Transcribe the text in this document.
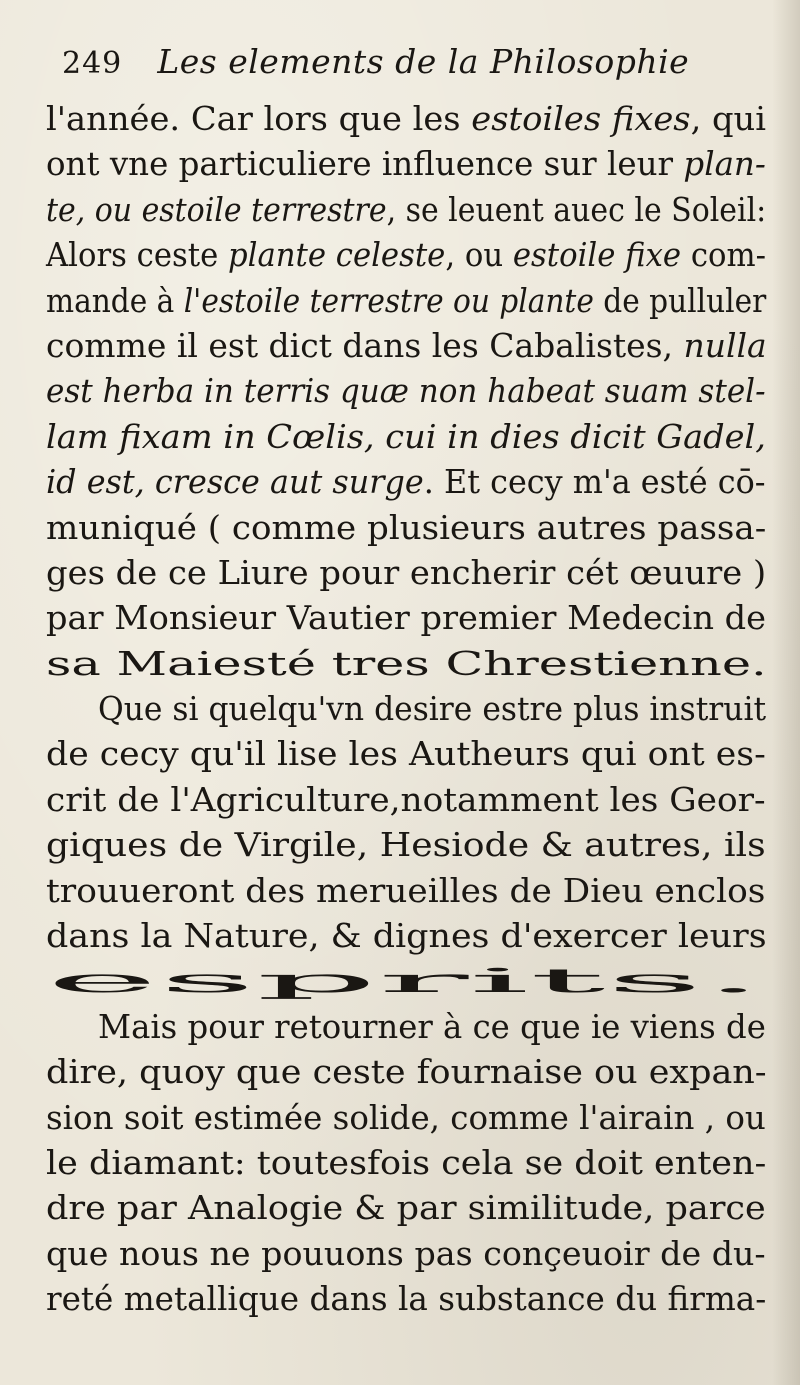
249 Les elements de la Philosophie
l'année. Car lors que les estoiles fixes, qui
ont vne particuliere influence sur leur plan-
te, ou estoile terrestre, se leuent auec le Soleil:
Alors ceste plante celeste, ou estoile fixe com-
mande à l'estoile terrestre ou plante de pulluler
comme il est dict dans les Cabalistes, nulla
est herba in terris quæ non habeat suam stel-
lam fixam in Cœlis, cui in dies dicit Gadel,
id est, cresce aut surge. Et cecy m'a esté cō-
muniqué ( comme plusieurs autres passa-
ges de ce Liure pour encherir cét œuure )
par Monsieur Vautier premier Medecin de
sa Maiesté tres Chrestienne.
Que si quelqu'vn desire estre plus instruit
de cecy qu'il lise les Autheurs qui ont es-
crit de l'Agriculture,notamment les Geor-
giques de Virgile, Hesiode & autres, ils
trouueront des merueilles de Dieu enclos
dans la Nature, & dignes d'exercer leurs
esprits.
Mais pour retourner à ce que ie viens de
dire, quoy que ceste fournaise ou expan-
sion soit estimée solide, comme l'airain , ou
le diamant: toutesfois cela se doit enten-
dre par Analogie & par similitude, parce
que nous ne pouuons pas conçeuoir de du-
reté metallique dans la substance du firma-
